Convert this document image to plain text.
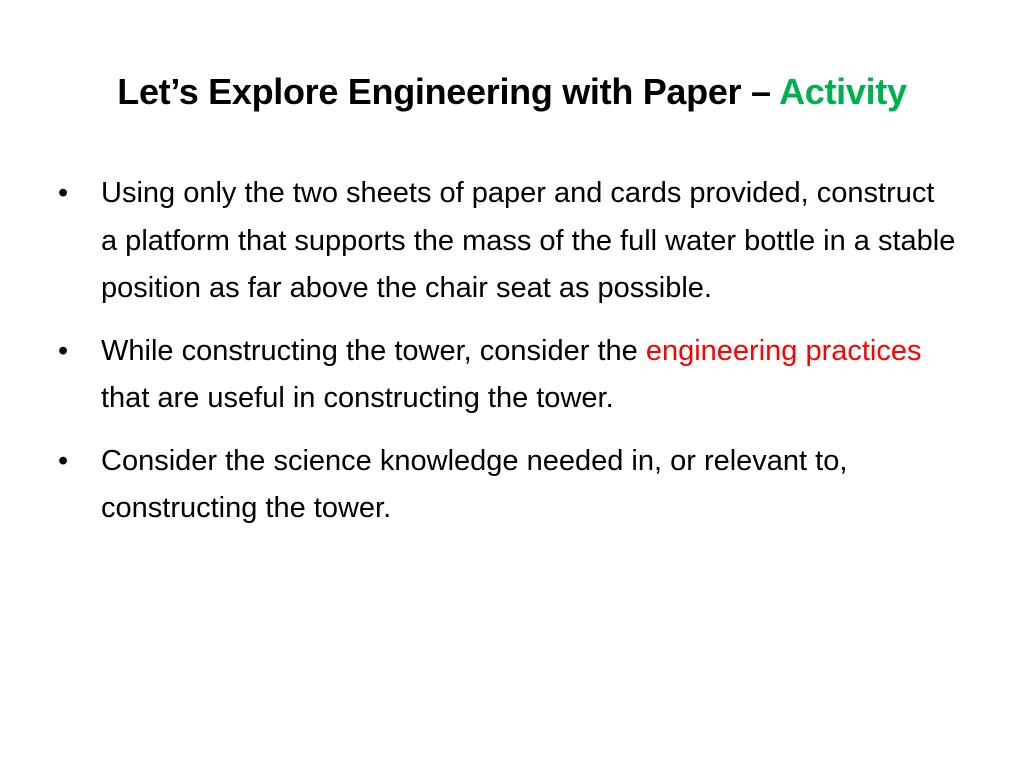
Let’s Explore Engineering with Paper – Activity
• Using only the two sheets of paper and cards provided, construct a platform that supports the mass of the full water bottle in a stable position as far above the chair seat as possible.
• While constructing the tower, consider the engineering practices that are useful in constructing the tower.
• Consider the science knowledge needed in, or relevant to, constructing the tower.
